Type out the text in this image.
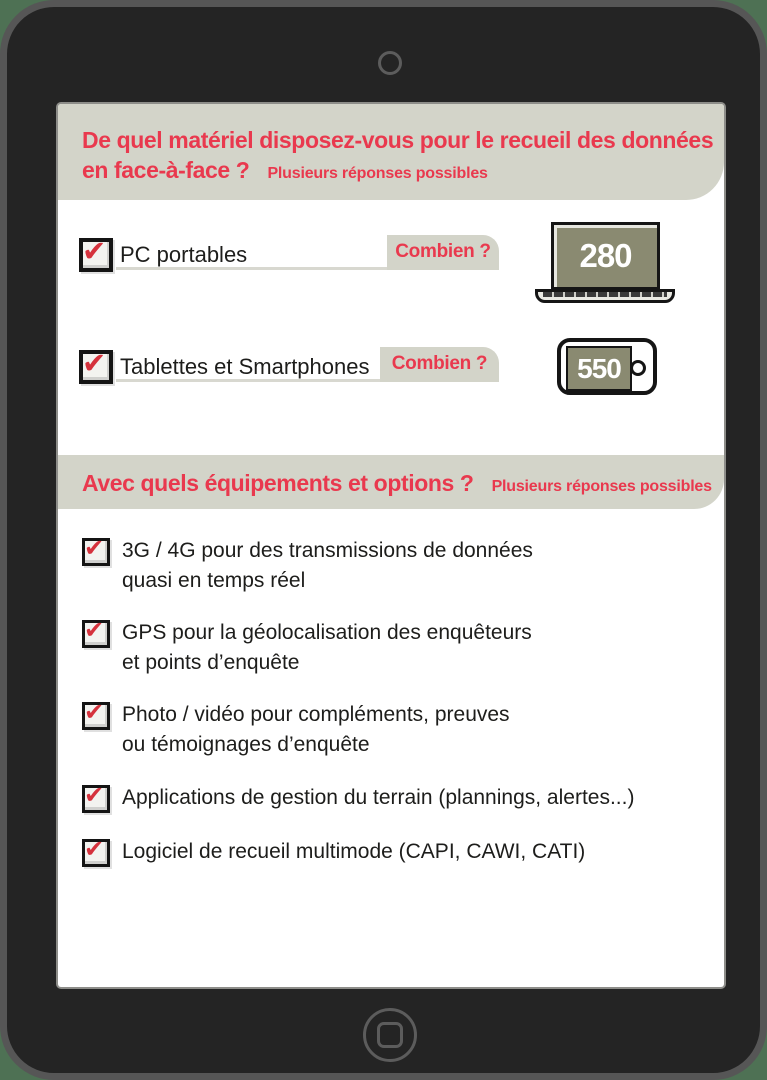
De quel matériel disposez-vous pour le recueil des données
en face-à-face ? Plusieurs réponses possibles
✔ PC portables	Combien ?	280
✔ Tablettes et Smartphones	Combien ?	550
Avec quels équipements et options ? Plusieurs réponses possibles
✔ 3G / 4G pour des transmissions de données
quasi en temps réel
✔ GPS pour la géolocalisation des enquêteurs
et points d’enquête
✔ Photo / vidéo pour compléments, preuves
ou témoignages d’enquête
✔ Applications de gestion du terrain (plannings, alertes...)
✔ Logiciel de recueil multimode (CAPI, CAWI, CATI)
